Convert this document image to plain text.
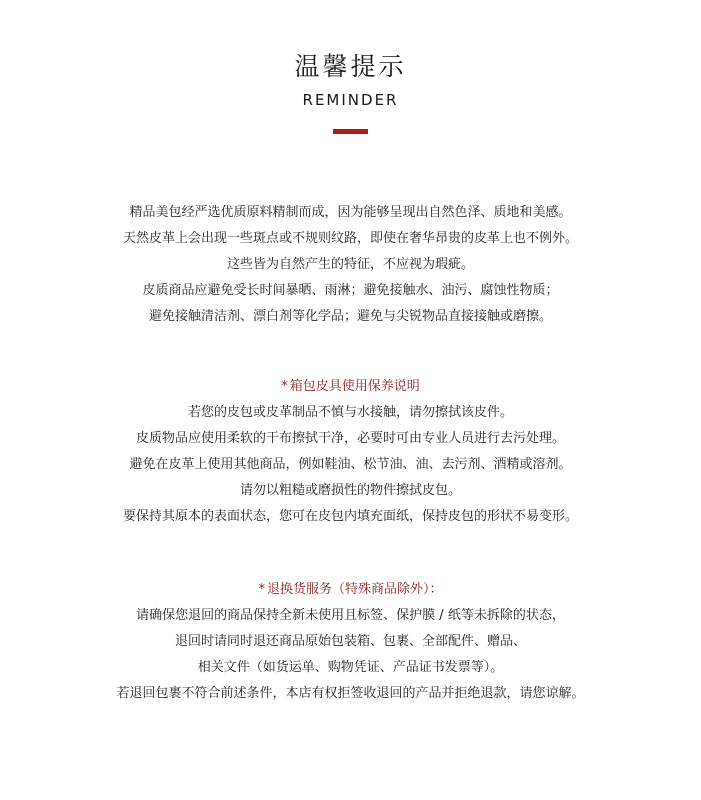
温馨提示
REMINDER
精品美包经严选优质原料精制而成，因为能够呈现出自然色泽、质地和美感。
天然皮革上会出现一些斑点或不规则纹路，即使在奢华昂贵的皮革上也不例外。
这些皆为自然产生的特征，不应视为瑕疵。
皮质商品应避免受长时间暴晒、雨淋；避免接触水、油污、腐蚀性物质；
避免接触清洁剂、漂白剂等化学品；避免与尖锐物品直接接触或磨擦。
* 箱包皮具使用保养说明
若您的皮包或皮革制品不慎与水接触，请勿擦拭该皮件。
皮质物品应使用柔软的干布擦拭干净，必要时可由专业人员进行去污处理。
避免在皮革上使用其他商品，例如鞋油、松节油、油、去污剂、酒精或溶剂。
请勿以粗糙或磨损性的物件擦拭皮包。
要保持其原本的表面状态，您可在皮包内填充面纸，保持皮包的形状不易变形。
* 退换货服务（特殊商品除外）：
请确保您退回的商品保持全新未使用且标签、保护膜 / 纸等未拆除的状态，
退回时请同时退还商品原始包装箱、包裹、全部配件、赠品、
相关文件（如货运单、购物凭证、产品证书发票等）。
若退回包裹不符合前述条件，本店有权拒签收退回的产品并拒绝退款，请您谅解。
